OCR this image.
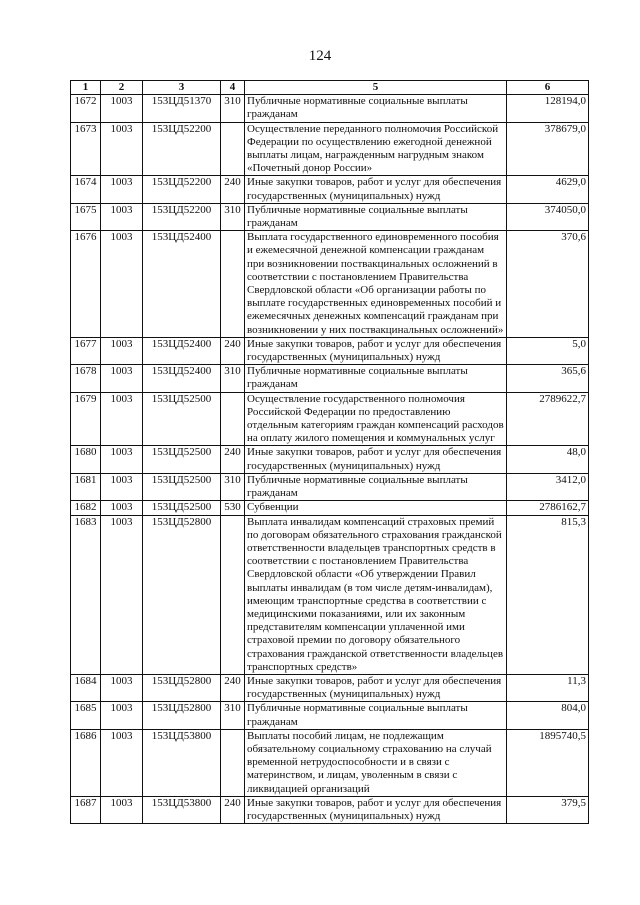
124
1	2	3	4	5	6
1672	1003	153ЦД51370	310	Публичные нормативные социальные выплаты гражданам	128194,0
1673	1003	153ЦД52200		Осуществление переданного полномочия Российской Федерации по осуществлению ежегодной денежной выплаты лицам, награжденным нагрудным знаком «Почетный донор России»	378679,0
1674	1003	153ЦД52200	240	Иные закупки товаров, работ и услуг для обеспечения государственных (муниципальных) нужд	4629,0
1675	1003	153ЦД52200	310	Публичные нормативные социальные выплаты гражданам	374050,0
1676	1003	153ЦД52400		Выплата государственного единовременного пособия и ежемесячной денежной компенсации гражданам при возникновении поствакцинальных осложнений в соответствии с постановлением Правительства Свердловской области «Об организации работы по выплате государственных единовременных пособий и ежемесячных денежных компенсаций гражданам при возникновении у них поствакцинальных осложнений»	370,6
1677	1003	153ЦД52400	240	Иные закупки товаров, работ и услуг для обеспечения государственных (муниципальных) нужд	5,0
1678	1003	153ЦД52400	310	Публичные нормативные социальные выплаты гражданам	365,6
1679	1003	153ЦД52500		Осуществление государственного полномочия Российской Федерации по предоставлению отдельным категориям граждан компенсаций расходов на оплату жилого помещения и коммунальных услуг	2789622,7
1680	1003	153ЦД52500	240	Иные закупки товаров, работ и услуг для обеспечения государственных (муниципальных) нужд	48,0
1681	1003	153ЦД52500	310	Публичные нормативные социальные выплаты гражданам	3412,0
1682	1003	153ЦД52500	530	Субвенции	2786162,7
1683	1003	153ЦД52800		Выплата инвалидам компенсаций страховых премий по договорам обязательного страхования гражданской ответственности владельцев транспортных средств в соответствии с постановлением Правительства Свердловской области «Об утверждении Правил выплаты инвалидам (в том числе детям-инвалидам), имеющим транспортные средства в соответствии с медицинскими показаниями, или их законным представителям компенсации уплаченной ими страховой премии по договору обязательного страхования гражданской ответственности владельцев транспортных средств»	815,3
1684	1003	153ЦД52800	240	Иные закупки товаров, работ и услуг для обеспечения государственных (муниципальных) нужд	11,3
1685	1003	153ЦД52800	310	Публичные нормативные социальные выплаты гражданам	804,0
1686	1003	153ЦД53800		Выплаты пособий лицам, не подлежащим обязательному социальному страхованию на случай временной нетрудоспособности и в связи с материнством, и лицам, уволенным в связи с ликвидацией организаций	1895740,5
1687	1003	153ЦД53800	240	Иные закупки товаров, работ и услуг для обеспечения государственных (муниципальных) нужд	379,5
